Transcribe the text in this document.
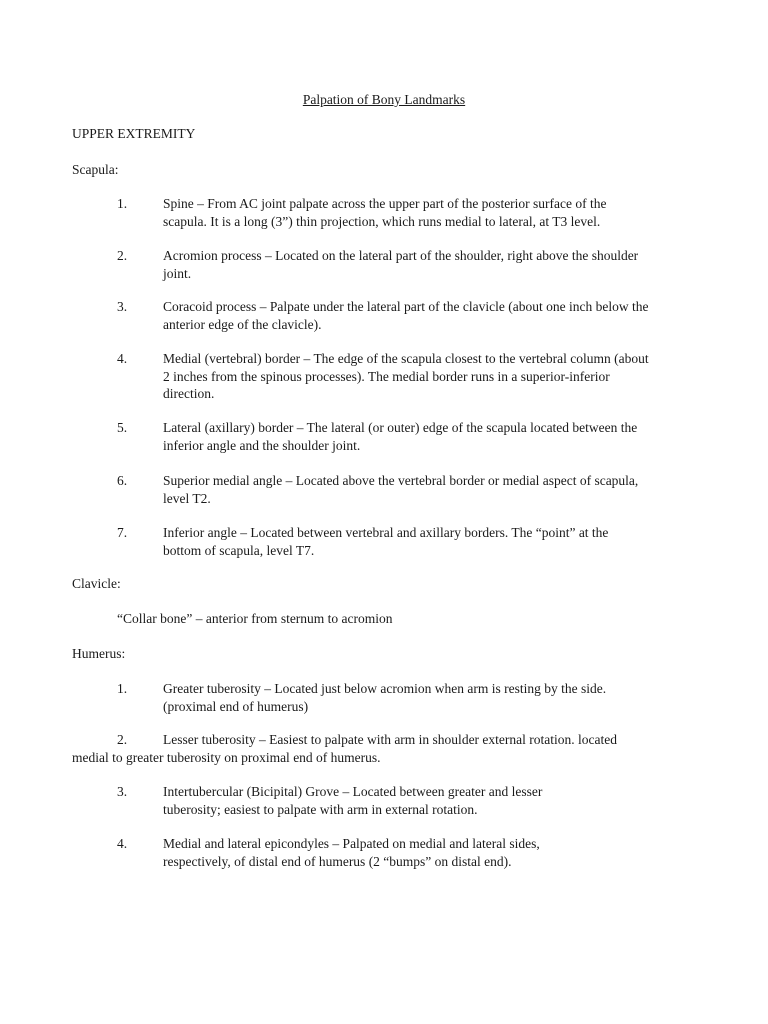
Palpation of Bony Landmarks
UPPER EXTREMITY
Scapula:
1.	Spine – From AC joint palpate across the upper part of the posterior surface of the
scapula. It is a long (3”) thin projection, which runs medial to lateral, at T3 level.
2.	Acromion process – Located on the lateral part of the shoulder, right above the shoulder
joint.
3.	Coracoid process – Palpate under the lateral part of the clavicle (about one inch below the
anterior edge of the clavicle).
4.	Medial (vertebral) border – The edge of the scapula closest to the vertebral column (about
2 inches from the spinous processes). The medial border runs in a superior-inferior
direction.
5.	Lateral (axillary) border – The lateral (or outer) edge of the scapula located between the
inferior angle and the shoulder joint.
6.	Superior medial angle – Located above the vertebral border or medial aspect of scapula,
level T2.
7.	Inferior angle – Located between vertebral and axillary borders. The “point” at the
bottom of scapula, level T7.
Clavicle:
“Collar bone” – anterior from sternum to acromion
Humerus:
1.	Greater tuberosity – Located just below acromion when arm is resting by the side.
(proximal end of humerus)
2.	Lesser tuberosity – Easiest to palpate with arm in shoulder external rotation. located
medial to greater tuberosity on proximal end of humerus.
3.	Intertubercular (Bicipital) Grove – Located between greater and lesser
tuberosity; easiest to palpate with arm in external rotation.
4.	Medial and lateral epicondyles – Palpated on medial and lateral sides,
respectively, of distal end of humerus (2 “bumps” on distal end).
